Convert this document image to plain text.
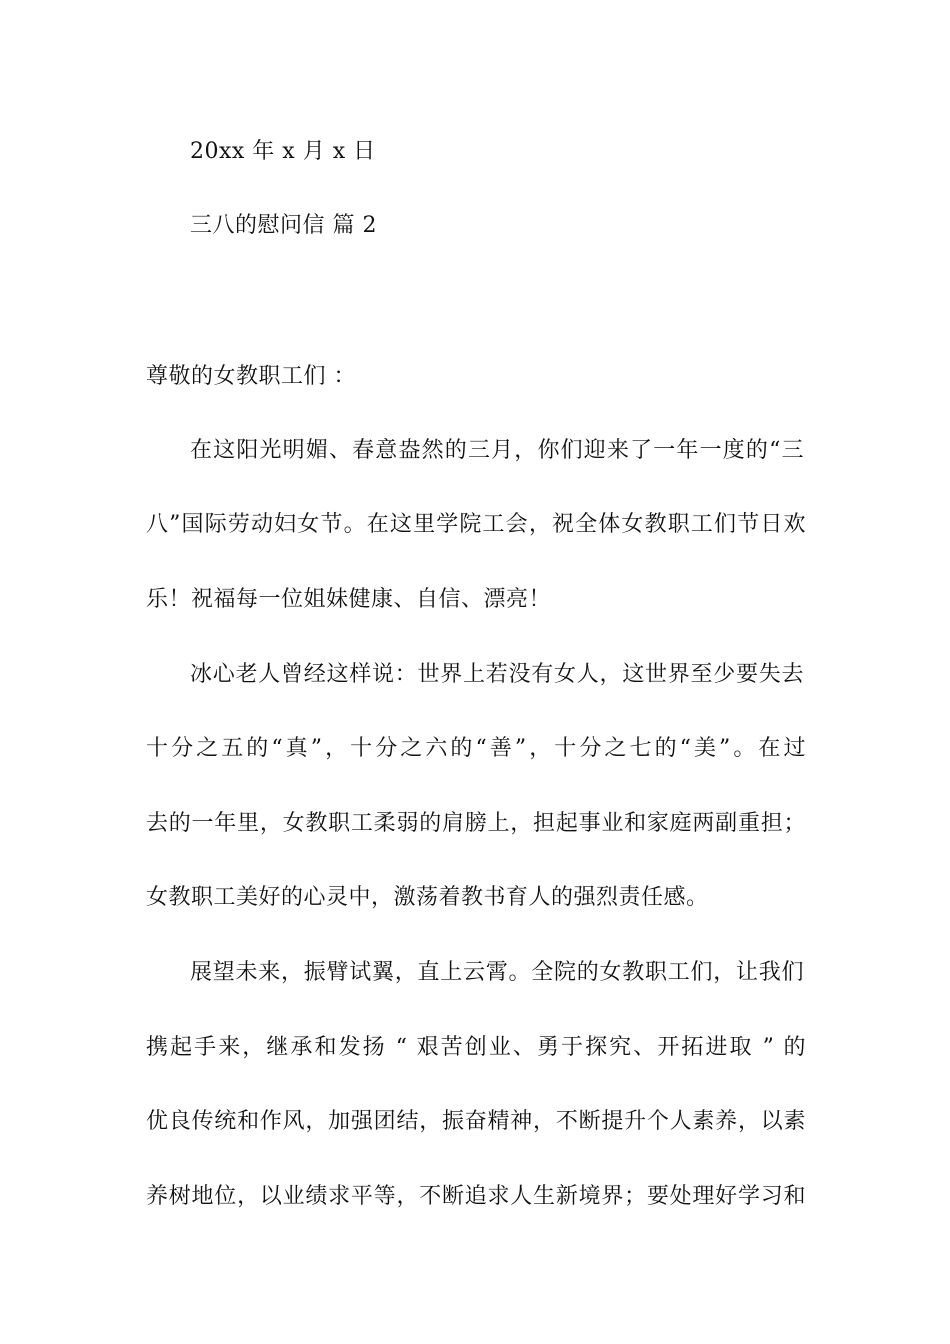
20xx 年 x 月 x 日

三八的慰问信 篇 2

尊敬的女教职工们 ：

在这阳光明媚、春意盎然的三月，你们迎来了一年一度的“三

八”国际劳动妇女节。在这里学院工会，祝全体女教职工们节日欢

乐！祝福每一位姐妹健康、自信、漂亮！

冰心老人曾经这样说：世界上若没有女人，这世界至少要失去

十分之五的“真”，十分之六的“善”，十分之七的“美”。在过

去的一年里，女教职工柔弱的肩膀上，担起事业和家庭两副重担；

女教职工美好的心灵中，激荡着教书育人的强烈责任感。

展望未来，振臂试翼，直上云霄。全院的女教职工们，让我们

携起手来，继承和发扬 “ 艰苦创业、勇于探究、开拓进取 ” 的

优良传统和作风，加强团结，振奋精神，不断提升个人素养，以素

养树地位，以业绩求平等，不断追求人生新境界；要处理好学习和
